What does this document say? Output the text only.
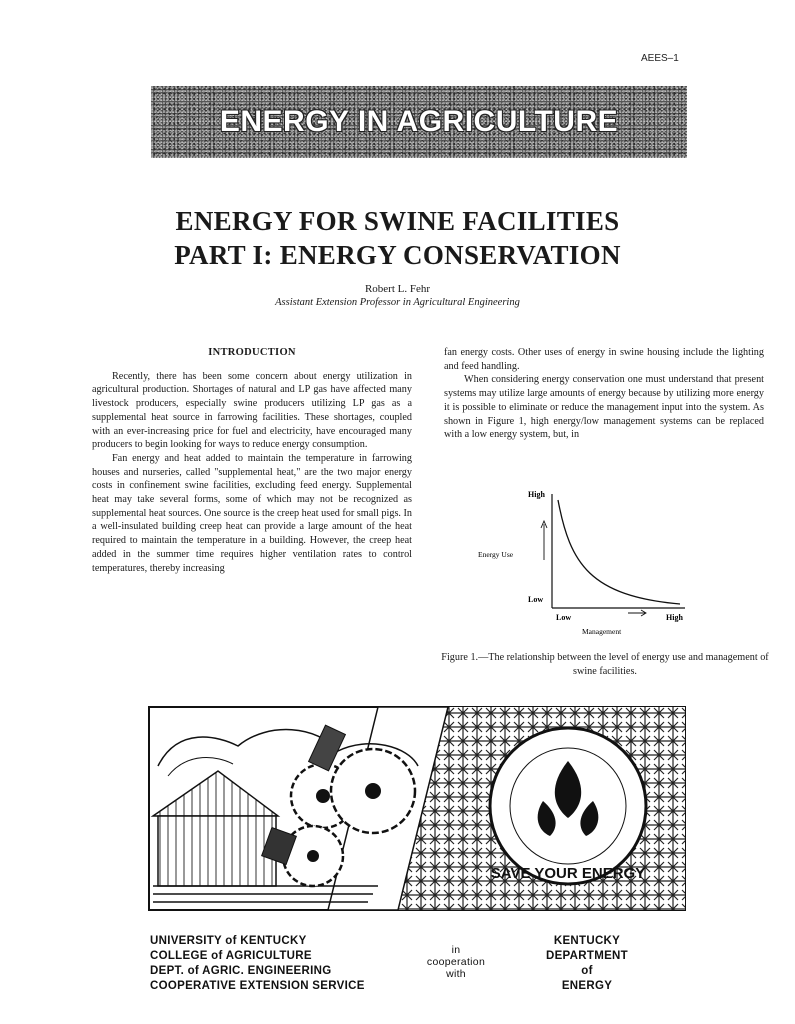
AEES–1
ENERGY IN AGRICULTURE
ENERGY FOR SWINE FACILITIES
PART I: ENERGY CONSERVATION
Robert L. Fehr
Assistant Extension Professor in Agricultural Engineering
INTRODUCTION

Recently, there has been some concern about energy utilization in agricultural production. Shortages of natural and LP gas have affected many livestock producers, especially swine producers utilizing LP gas as a supplemental heat source in farrowing facilities. These shortages, coupled with an ever-increasing price for fuel and electricity, have encouraged many producers to begin looking for ways to reduce energy consumption.

Fan energy and heat added to maintain the temperature in farrowing houses and nurseries, called "supplemental heat," are the two major energy costs in confinement swine facilities, excluding feed energy. Supplemental heat may take several forms, some of which may not be recognized as supplemental heat sources. One source is the creep heat used for small pigs. In a well-insulated building creep heat can provide a large amount of the heat required to maintain the temperature in a building. However, the creep heat added in the summer time requires higher ventilation rates to control temperatures, thereby increasing

fan energy costs. Other uses of energy in swine housing include the lighting and feed handling.

When considering energy conservation one must understand that present systems may utilize large amounts of energy because by utilizing more energy it is possible to eliminate or reduce the management input into the system. As shown in Figure 1, high energy/low management systems can be replaced with a low energy system, but, in

High
Low
Energy Use
Low	High
Management
Figure 1.—The relationship between the level of energy use and management of swine facilities.
SAVE YOUR ENERGY
UNIVERSITY of KENTUCKY
COLLEGE of AGRICULTURE
DEPT. of AGRIC. ENGINEERING
COOPERATIVE EXTENSION SERVICE
in
cooperation
with
KENTUCKY
DEPARTMENT
of
ENERGY
